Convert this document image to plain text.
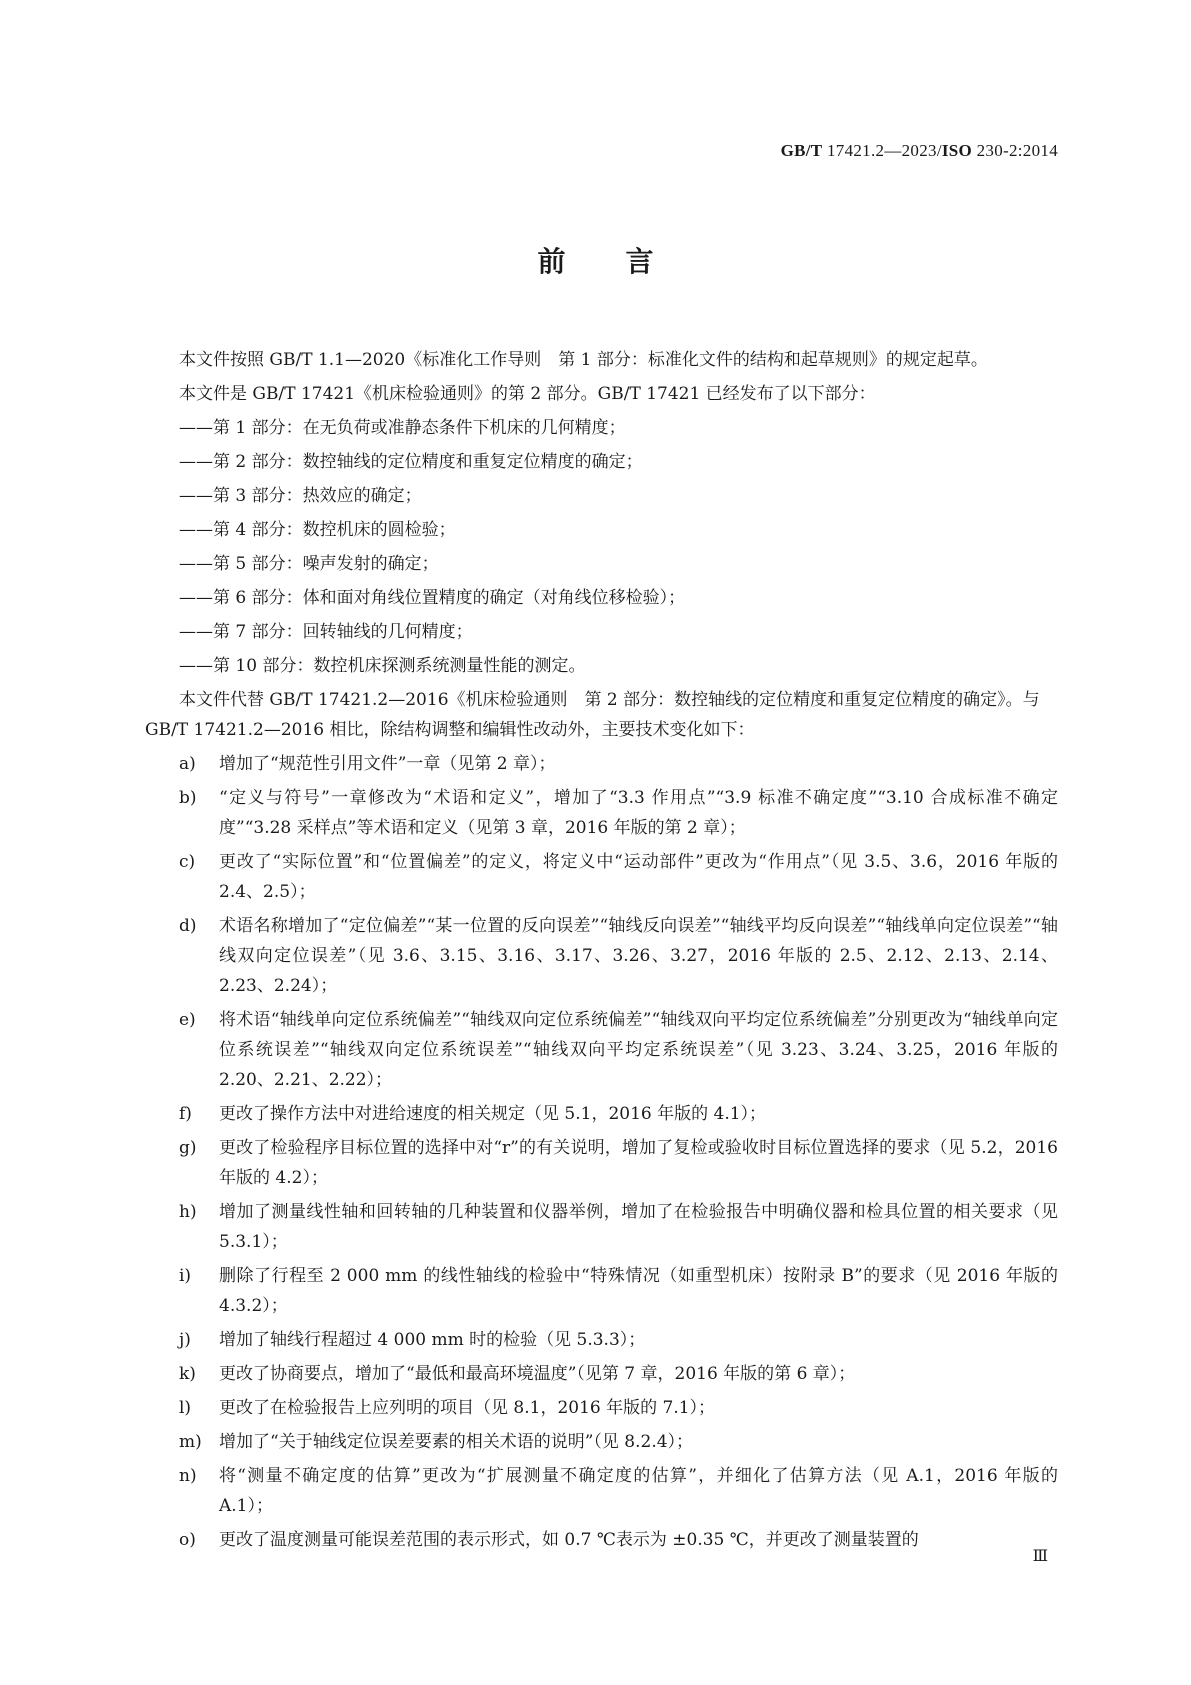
GB/T 17421.2—2023/ISO 230-2:2014
前言

本文件按照 GB/T 1.1—2020《标准化工作导则　第 1 部分：标准化文件的结构和起草规则》的规定起草。

本文件是 GB/T 17421《机床检验通则》的第 2 部分。GB/T 17421 已经发布了以下部分：

——第 1 部分：在无负荷或准静态条件下机床的几何精度；
——第 2 部分：数控轴线的定位精度和重复定位精度的确定；
——第 3 部分：热效应的确定；
——第 4 部分：数控机床的圆检验；
——第 5 部分：噪声发射的确定；
——第 6 部分：体和面对角线位置精度的确定（对角线位移检验）；
——第 7 部分：回转轴线的几何精度；
——第 10 部分：数控机床探测系统测量性能的测定。

本文件代替 GB/T 17421.2—2016《机床检验通则　第 2 部分：数控轴线的定位精度和重复定位精度的确定》。与 GB/T 17421.2—2016 相比，除结构调整和编辑性改动外，主要技术变化如下：

a)	增加了“规范性引用文件”一章（见第 2 章）；
b)	“定义与符号”一章修改为“术语和定义”，增加了“3.3 作用点”“3.9 标准不确定度”“3.10 合成标准不确定度”“3.28 采样点”等术语和定义（见第 3 章，2016 年版的第 2 章）；
c)	更改了“实际位置”和“位置偏差”的定义，将定义中“运动部件”更改为“作用点”（见 3.5、3.6，2016 年版的 2.4、2.5）；
d)	术语名称增加了“定位偏差”“某一位置的反向误差”“轴线反向误差”“轴线平均反向误差”“轴线单向定位误差”“轴线双向定位误差”（见 3.6、3.15、3.16、3.17、3.26、3.27，2016 年版的 2.5、2.12、2.13、2.14、2.23、2.24）；
e)	将术语“轴线单向定位系统偏差”“轴线双向定位系统偏差”“轴线双向平均定位系统偏差”分别更改为“轴线单向定位系统误差”“轴线双向定位系统误差”“轴线双向平均定系统误差”（见 3.23、3.24、3.25，2016 年版的 2.20、2.21、2.22）；
f)	更改了操作方法中对进给速度的相关规定（见 5.1，2016 年版的 4.1）；
g)	更改了检验程序目标位置的选择中对“r”的有关说明，增加了复检或验收时目标位置选择的要求（见 5.2，2016 年版的 4.2）；
h)	增加了测量线性轴和回转轴的几种装置和仪器举例，增加了在检验报告中明确仪器和检具位置的相关要求（见 5.3.1）；
i)	删除了行程至 2 000 mm 的线性轴线的检验中“特殊情况（如重型机床）按附录 B”的要求（见 2016 年版的 4.3.2）；
j)	增加了轴线行程超过 4 000 mm 时的检验（见 5.3.3）；
k)	更改了协商要点，增加了“最低和最高环境温度”（见第 7 章，2016 年版的第 6 章）；
l)	更改了在检验报告上应列明的项目（见 8.1，2016 年版的 7.1）；
m)	增加了“关于轴线定位误差要素的相关术语的说明”（见 8.2.4）；
n)	将“测量不确定度的估算”更改为“扩展测量不确定度的估算”，并细化了估算方法（见 A.1，2016 年版的 A.1）；
o)	更改了温度测量可能误差范围的表示形式，如 0.7 ℃表示为 ±0.35 ℃，并更改了测量装置的
Ⅲ
